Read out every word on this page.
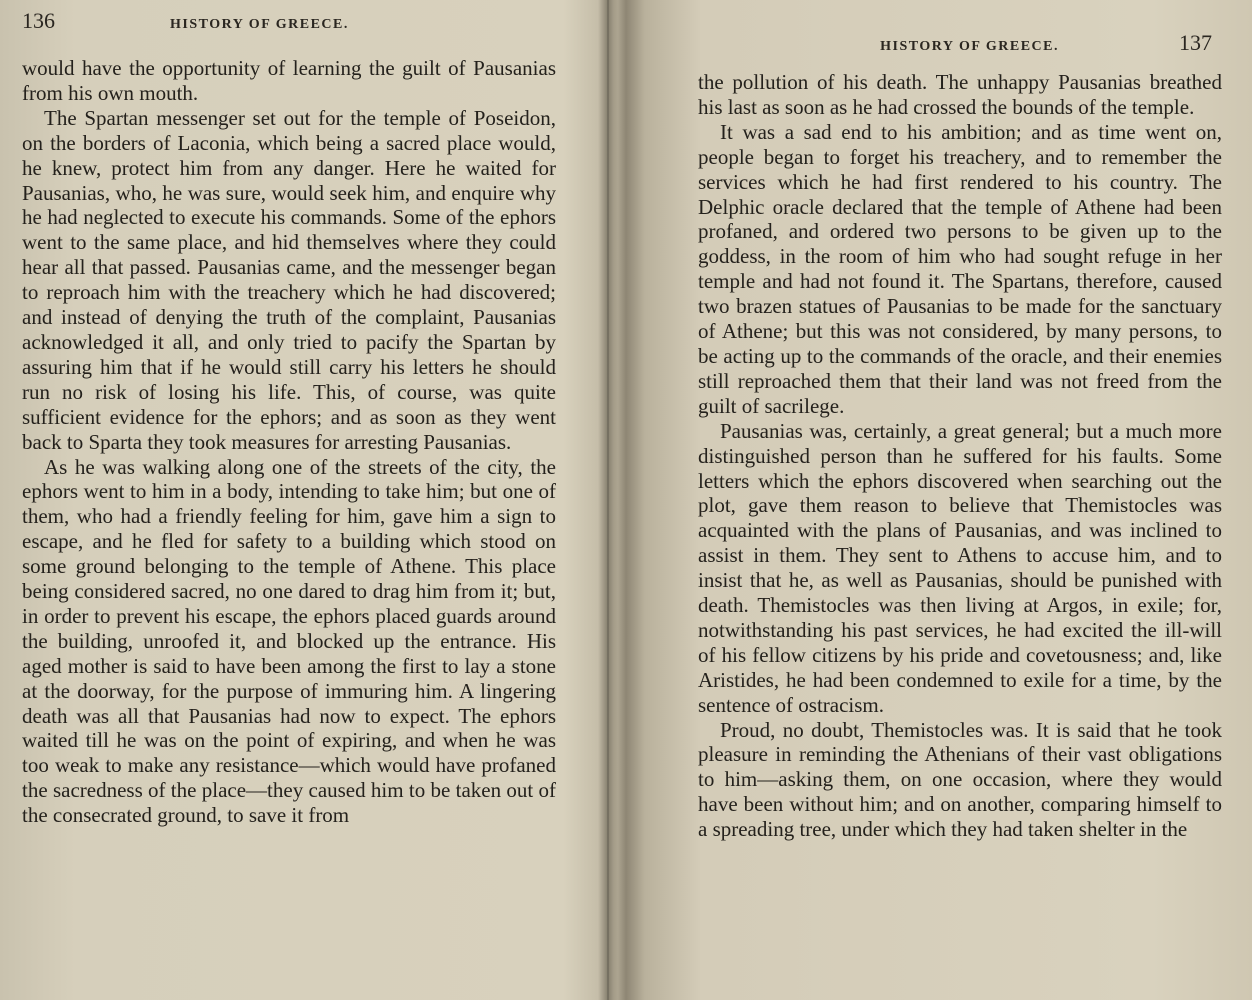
136	HISTORY OF GREECE.

would have the opportunity of learning the guilt of Pausanias from his own mouth.

The Spartan messenger set out for the temple of Poseidon, on the borders of Laconia, which being a sacred place would, he knew, protect him from any danger. Here he waited for Pausanias, who, he was sure, would seek him, and enquire why he had neglected to execute his commands. Some of the ephors went to the same place, and hid themselves where they could hear all that passed. Pausanias came, and the messenger began to reproach him with the treachery which he had discovered; and instead of denying the truth of the complaint, Pausanias acknowledged it all, and only tried to pacify the Spartan by assuring him that if he would still carry his letters he should run no risk of losing his life. This, of course, was quite sufficient evidence for the ephors; and as soon as they went back to Sparta they took measures for arresting Pausanias.

As he was walking along one of the streets of the city, the ephors went to him in a body, intending to take him; but one of them, who had a friendly feeling for him, gave him a sign to escape, and he fled for safety to a building which stood on some ground belonging to the temple of Athene. This place being considered sacred, no one dared to drag him from it; but, in order to prevent his escape, the ephors placed guards around the building, unroofed it, and blocked up the entrance. His aged mother is said to have been among the first to lay a stone at the doorway, for the purpose of immuring him. A lingering death was all that Pausanias had now to expect. The ephors waited till he was on the point of expiring, and when he was too weak to make any resistance—which would have profaned the sacredness of the place—they caused him to be taken out of the consecrated ground, to save it from

HISTORY OF GREECE.	137

the pollution of his death. The unhappy Pausanias breathed his last as soon as he had crossed the bounds of the temple.

It was a sad end to his ambition; and as time went on, people began to forget his treachery, and to remember the services which he had first rendered to his country. The Delphic oracle declared that the temple of Athene had been profaned, and ordered two persons to be given up to the goddess, in the room of him who had sought refuge in her temple and had not found it. The Spartans, therefore, caused two brazen statues of Pausanias to be made for the sanctuary of Athene; but this was not considered, by many persons, to be acting up to the commands of the oracle, and their enemies still reproached them that their land was not freed from the guilt of sacrilege.

Pausanias was, certainly, a great general; but a much more distinguished person than he suffered for his faults. Some letters which the ephors discovered when searching out the plot, gave them reason to believe that Themistocles was acquainted with the plans of Pausanias, and was inclined to assist in them. They sent to Athens to accuse him, and to insist that he, as well as Pausanias, should be punished with death. Themistocles was then living at Argos, in exile; for, notwithstanding his past services, he had excited the ill-will of his fellow citizens by his pride and covetousness; and, like Aristides, he had been condemned to exile for a time, by the sentence of ostracism.

Proud, no doubt, Themistocles was. It is said that he took pleasure in reminding the Athenians of their vast obligations to him—asking them, on one occasion, where they would have been without him; and on another, comparing himself to a spreading tree, under which they had taken shelter in the
